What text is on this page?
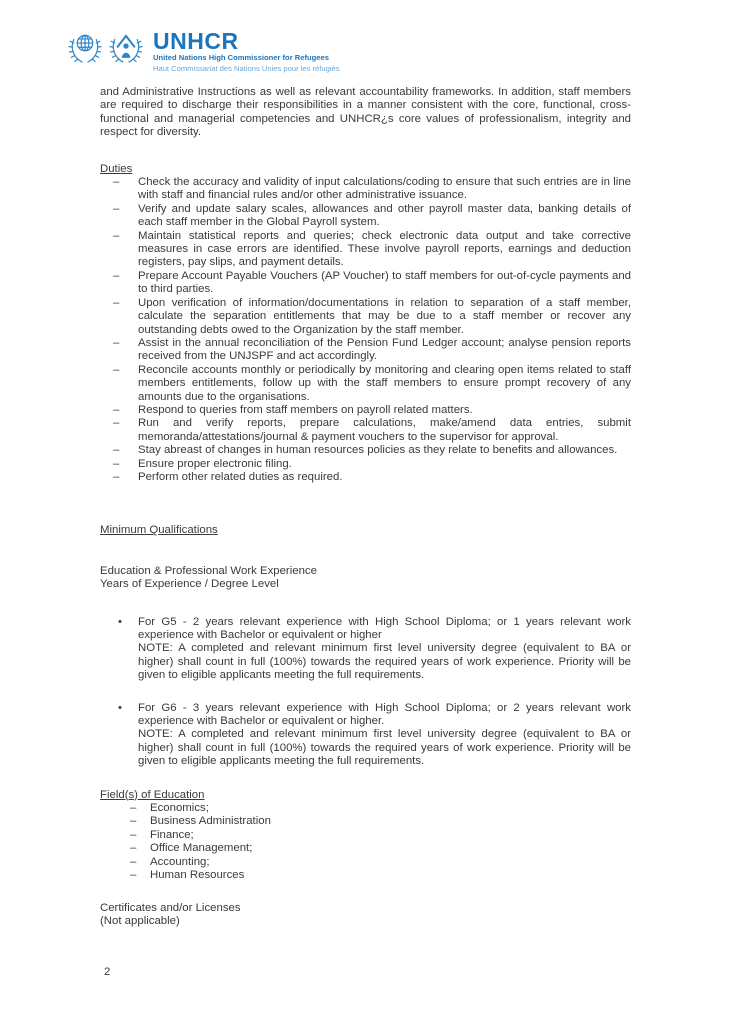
UNHCR
United Nations High Commissioner for Refugees
Haut Commissariat des Nations Unies pour les réfugiés

and Administrative Instructions as well as relevant accountability frameworks. In addition, staff members are required to discharge their responsibilities in a manner consistent with the core, functional, cross-functional and managerial competencies and UNHCR¿s core values of professionalism, integrity and respect for diversity.

Duties
–	Check the accuracy and validity of input calculations/coding to ensure that such entries are in line with staff and financial rules and/or other administrative issuance.
–	Verify and update salary scales, allowances and other payroll master data, banking details of each staff member in the Global Payroll system.
–	Maintain statistical reports and queries; check electronic data output and take corrective measures in case errors are identified. These involve payroll reports, earnings and deduction registers, pay slips, and payment details.
–	Prepare Account Payable Vouchers (AP Voucher) to staff members for out-of-cycle payments and to third parties.
–	Upon verification of information/documentations in relation to separation of a staff member, calculate the separation entitlements that may be due to a staff member or recover any outstanding debts owed to the Organization by the staff member.
–	Assist in the annual reconciliation of the Pension Fund Ledger account; analyse pension reports received from the UNJSPF and act accordingly.
–	Reconcile accounts monthly or periodically by monitoring and clearing open items related to staff members entitlements, follow up with the staff members to ensure prompt recovery of any amounts due to the organisations.
–	Respond to queries from staff members on payroll related matters.
–	Run and verify reports, prepare calculations, make/amend data entries, submit memoranda/attestations/journal & payment vouchers to the supervisor for approval.
–	Stay abreast of changes in human resources policies as they relate to benefits and allowances.
–	Ensure proper electronic filing.
–	Perform other related duties as required.
Minimum Qualifications

Education & Professional Work Experience

Years of Experience / Degree Level

•	For G5 - 2 years relevant experience with High School Diploma; or 1 years relevant work experience with Bachelor or equivalent or higher
NOTE: A completed and relevant minimum first level university degree (equivalent to BA or higher) shall count in full (100%) towards the required years of work experience. Priority will be given to eligible applicants meeting the full requirements.
•	For G6 - 3 years relevant experience with High School Diploma; or 2 years relevant work experience with Bachelor or equivalent or higher.
NOTE: A completed and relevant minimum first level university degree (equivalent to BA or higher) shall count in full (100%) towards the required years of work experience. Priority will be given to eligible applicants meeting the full requirements.
Field(s) of Education
–	Economics;
–	Business Administration
–	Finance;
–	Office Management;
–	Accounting;
–	Human Resources

Certificates and/or Licenses

(Not applicable)

2
